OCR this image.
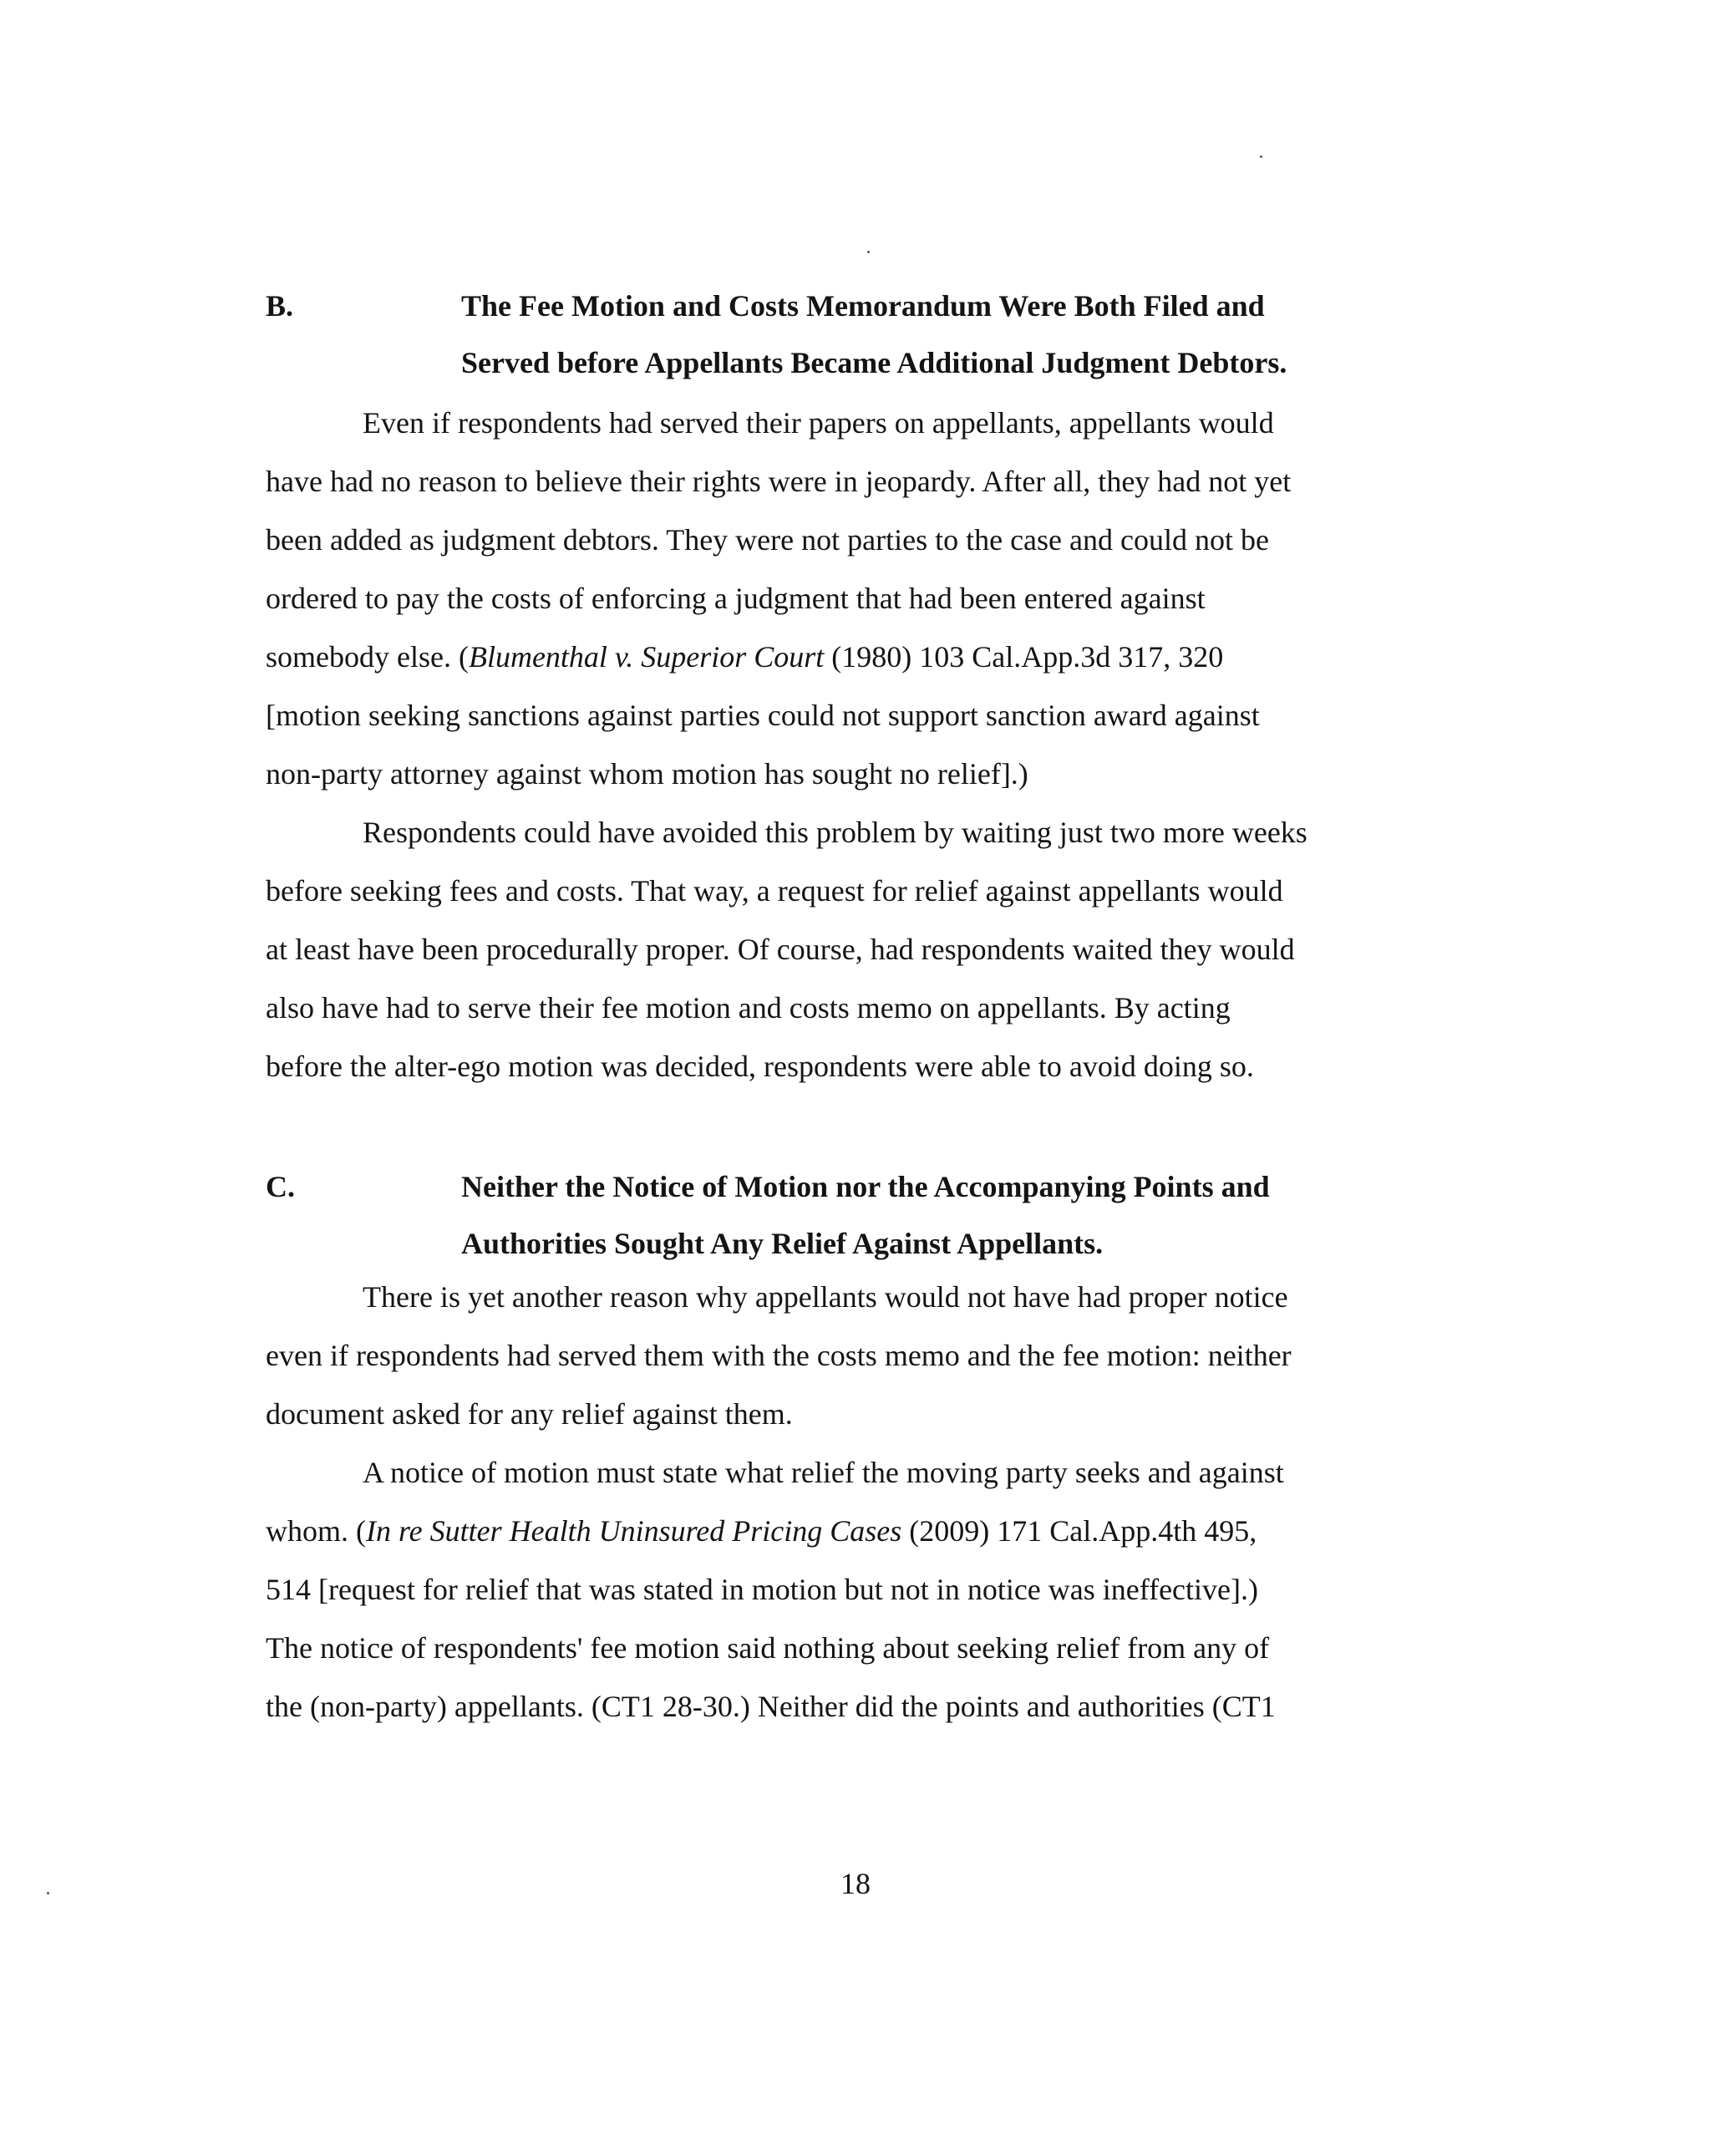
B.	The Fee Motion and Costs Memorandum Were Both Filed and
Served before Appellants Became Additional Judgment Debtors.
Even if respondents had served their papers on appellants, appellants would
have had no reason to believe their rights were in jeopardy. After all, they had not yet
been added as judgment debtors. They were not parties to the case and could not be
ordered to pay the costs of enforcing a judgment that had been entered against
somebody else. (Blumenthal v. Superior Court (1980) 103 Cal.App.3d 317, 320
[motion seeking sanctions against parties could not support sanction award against
non-party attorney against whom motion has sought no relief].)
Respondents could have avoided this problem by waiting just two more weeks
before seeking fees and costs. That way, a request for relief against appellants would
at least have been procedurally proper. Of course, had respondents waited they would
also have had to serve their fee motion and costs memo on appellants. By acting
before the alter-ego motion was decided, respondents were able to avoid doing so.
C.	Neither the Notice of Motion nor the Accompanying Points and
Authorities Sought Any Relief Against Appellants.
There is yet another reason why appellants would not have had proper notice
even if respondents had served them with the costs memo and the fee motion: neither
document asked for any relief against them.
A notice of motion must state what relief the moving party seeks and against
whom. (In re Sutter Health Uninsured Pricing Cases (2009) 171 Cal.App.4th 495,
514 [request for relief that was stated in motion but not in notice was ineffective].)
The notice of respondents' fee motion said nothing about seeking relief from any of
the (non-party) appellants. (CT1 28-30.) Neither did the points and authorities (CT1
18
